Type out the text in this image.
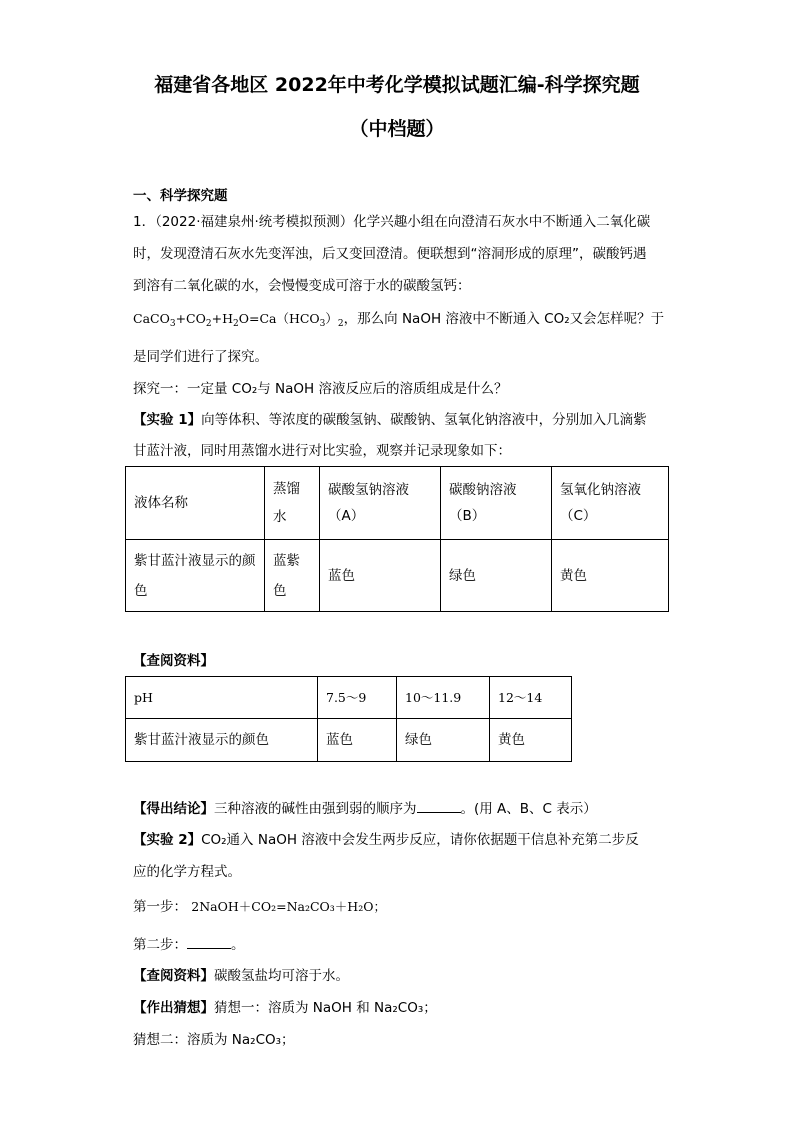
福建省各地区 2022年中考化学模拟试题汇编-科学探究题
（中档题）
一、科学探究题
1．（2022·福建泉州·统考模拟预测）化学兴趣小组在向澄清石灰水中不断通入二氧化碳
时，发现澄清石灰水先变浑浊，后又变回澄清。便联想到“溶洞形成的原理”，碳酸钙遇
到溶有二氧化碳的水，会慢慢变成可溶于水的碳酸氢钙：
$CaCO_3+CO_2+H_2O=Ca(HCO_3)_2$，那么向 NaOH 溶液中不断通入 CO₂又会怎样呢？于
是同学们进行了探究。
探究一：一定量 CO₂与 NaOH 溶液反应后的溶质组成是什么？
【实验 1】向等体积、等浓度的碳酸氢钠、碳酸钠、氢氧化钠溶液中，分别加入几滴紫
甘蓝汁液，同时用蒸馏水进行对比实验，观察并记录现象如下：
液体名称	蒸馏水	碳酸氢钠溶液（A）	碳酸钠溶液（B）	氢氧化钠溶液（C）
紫甘蓝汁液显示的颜色	蓝紫色	蓝色	绿色	黄色
【查阅资料】
pH	7.5～9	10～11.9	12～14
紫甘蓝汁液显示的颜色	蓝色	绿色	黄色
【得出结论】三种溶液的碱性由强到弱的顺序为	。(用 A、B、C 表示）
【实验 2】CO₂通入 NaOH 溶液中会发生两步反应，请你依据题干信息补充第二步反
应的化学方程式。
第一步： 2NaOH＋CO₂=Na₂CO₃＋H₂O；
第二步：	。
【查阅资料】碳酸氢盐均可溶于水。
【作出猜想】猜想一：溶质为 NaOH 和 Na₂CO₃；
猜想二：溶质为 Na₂CO₃；
